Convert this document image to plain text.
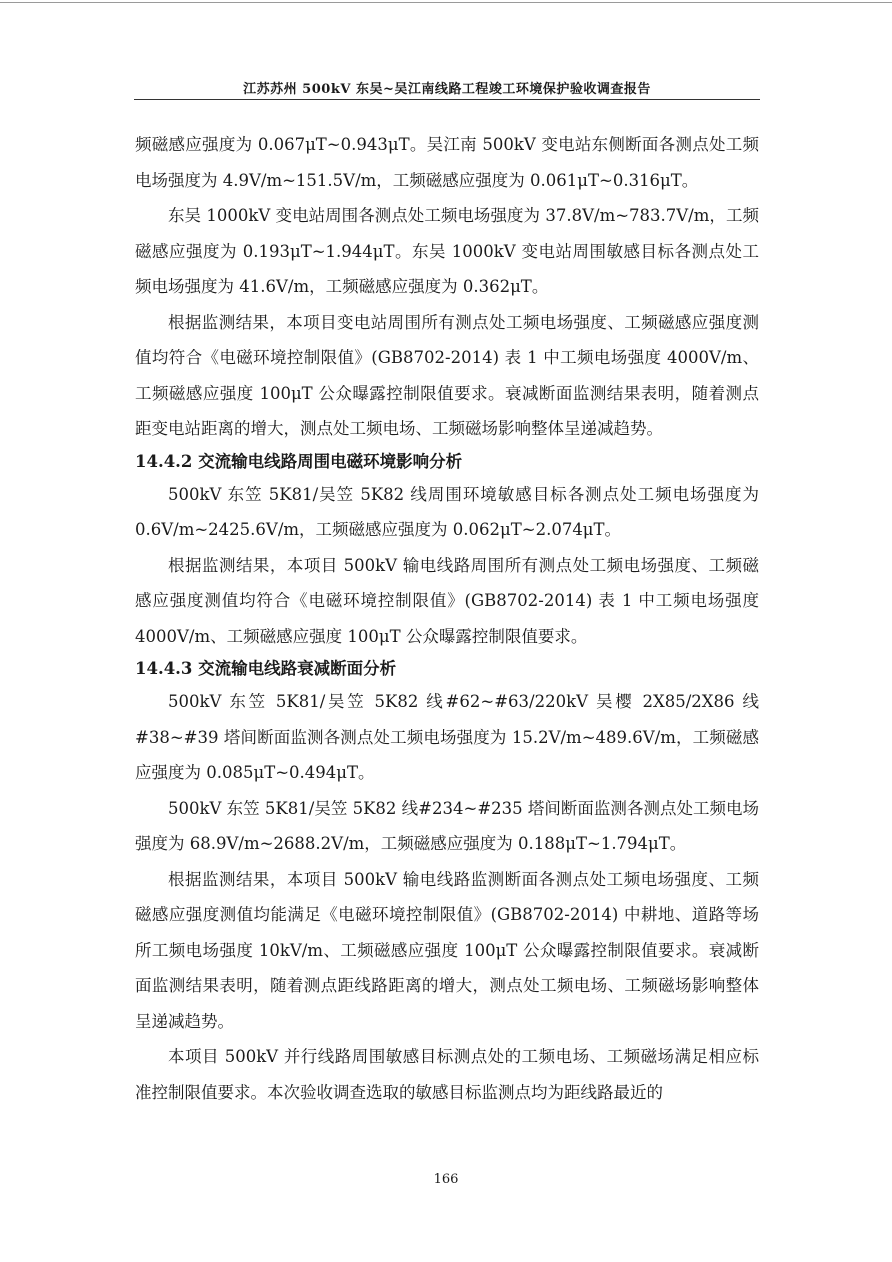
江苏苏州 500kV 东吴~吴江南线路工程竣工环境保护验收调查报告

频磁感应强度为 0.067μT~0.943μT。吴江南 500kV 变电站东侧断面各测点处工频电场强度为 4.9V/m~151.5V/m，工频磁感应强度为 0.061μT~0.316μT。

东吴 1000kV 变电站周围各测点处工频电场强度为 37.8V/m~783.7V/m，工频磁感应强度为 0.193μT~1.944μT。东吴 1000kV 变电站周围敏感目标各测点处工频电场强度为 41.6V/m，工频磁感应强度为 0.362μT。

根据监测结果，本项目变电站周围所有测点处工频电场强度、工频磁感应强度测值均符合《电磁环境控制限值》(GB8702-2014) 表 1 中工频电场强度 4000V/m、工频磁感应强度 100μT 公众曝露控制限值要求。衰减断面监测结果表明，随着测点距变电站距离的增大，测点处工频电场、工频磁场影响整体呈递减趋势。

14.4.2 交流输电线路周围电磁环境影响分析

500kV 东笠 5K81/吴笠 5K82 线周围环境敏感目标各测点处工频电场强度为 0.6V/m~2425.6V/m，工频磁感应强度为 0.062μT~2.074μT。

根据监测结果，本项目 500kV 输电线路周围所有测点处工频电场强度、工频磁感应强度测值均符合《电磁环境控制限值》(GB8702-2014) 表 1 中工频电场强度 4000V/m、工频磁感应强度 100μT 公众曝露控制限值要求。

14.4.3 交流输电线路衰减断面分析

500kV 东笠 5K81/吴笠 5K82 线#62~#63/220kV 吴樱 2X85/2X86 线#38~#39 塔间断面监测各测点处工频电场强度为 15.2V/m~489.6V/m，工频磁感应强度为 0.085μT~0.494μT。

500kV 东笠 5K81/吴笠 5K82 线#234~#235 塔间断面监测各测点处工频电场强度为 68.9V/m~2688.2V/m，工频磁感应强度为 0.188μT~1.794μT。

根据监测结果，本项目 500kV 输电线路监测断面各测点处工频电场强度、工频磁感应强度测值均能满足《电磁环境控制限值》(GB8702-2014) 中耕地、道路等场所工频电场强度 10kV/m、工频磁感应强度 100μT 公众曝露控制限值要求。衰减断面监测结果表明，随着测点距线路距离的增大，测点处工频电场、工频磁场影响整体呈递减趋势。

本项目 500kV 并行线路周围敏感目标测点处的工频电场、工频磁场满足相应标准控制限值要求。本次验收调查选取的敏感目标监测点均为距线路最近的

166
